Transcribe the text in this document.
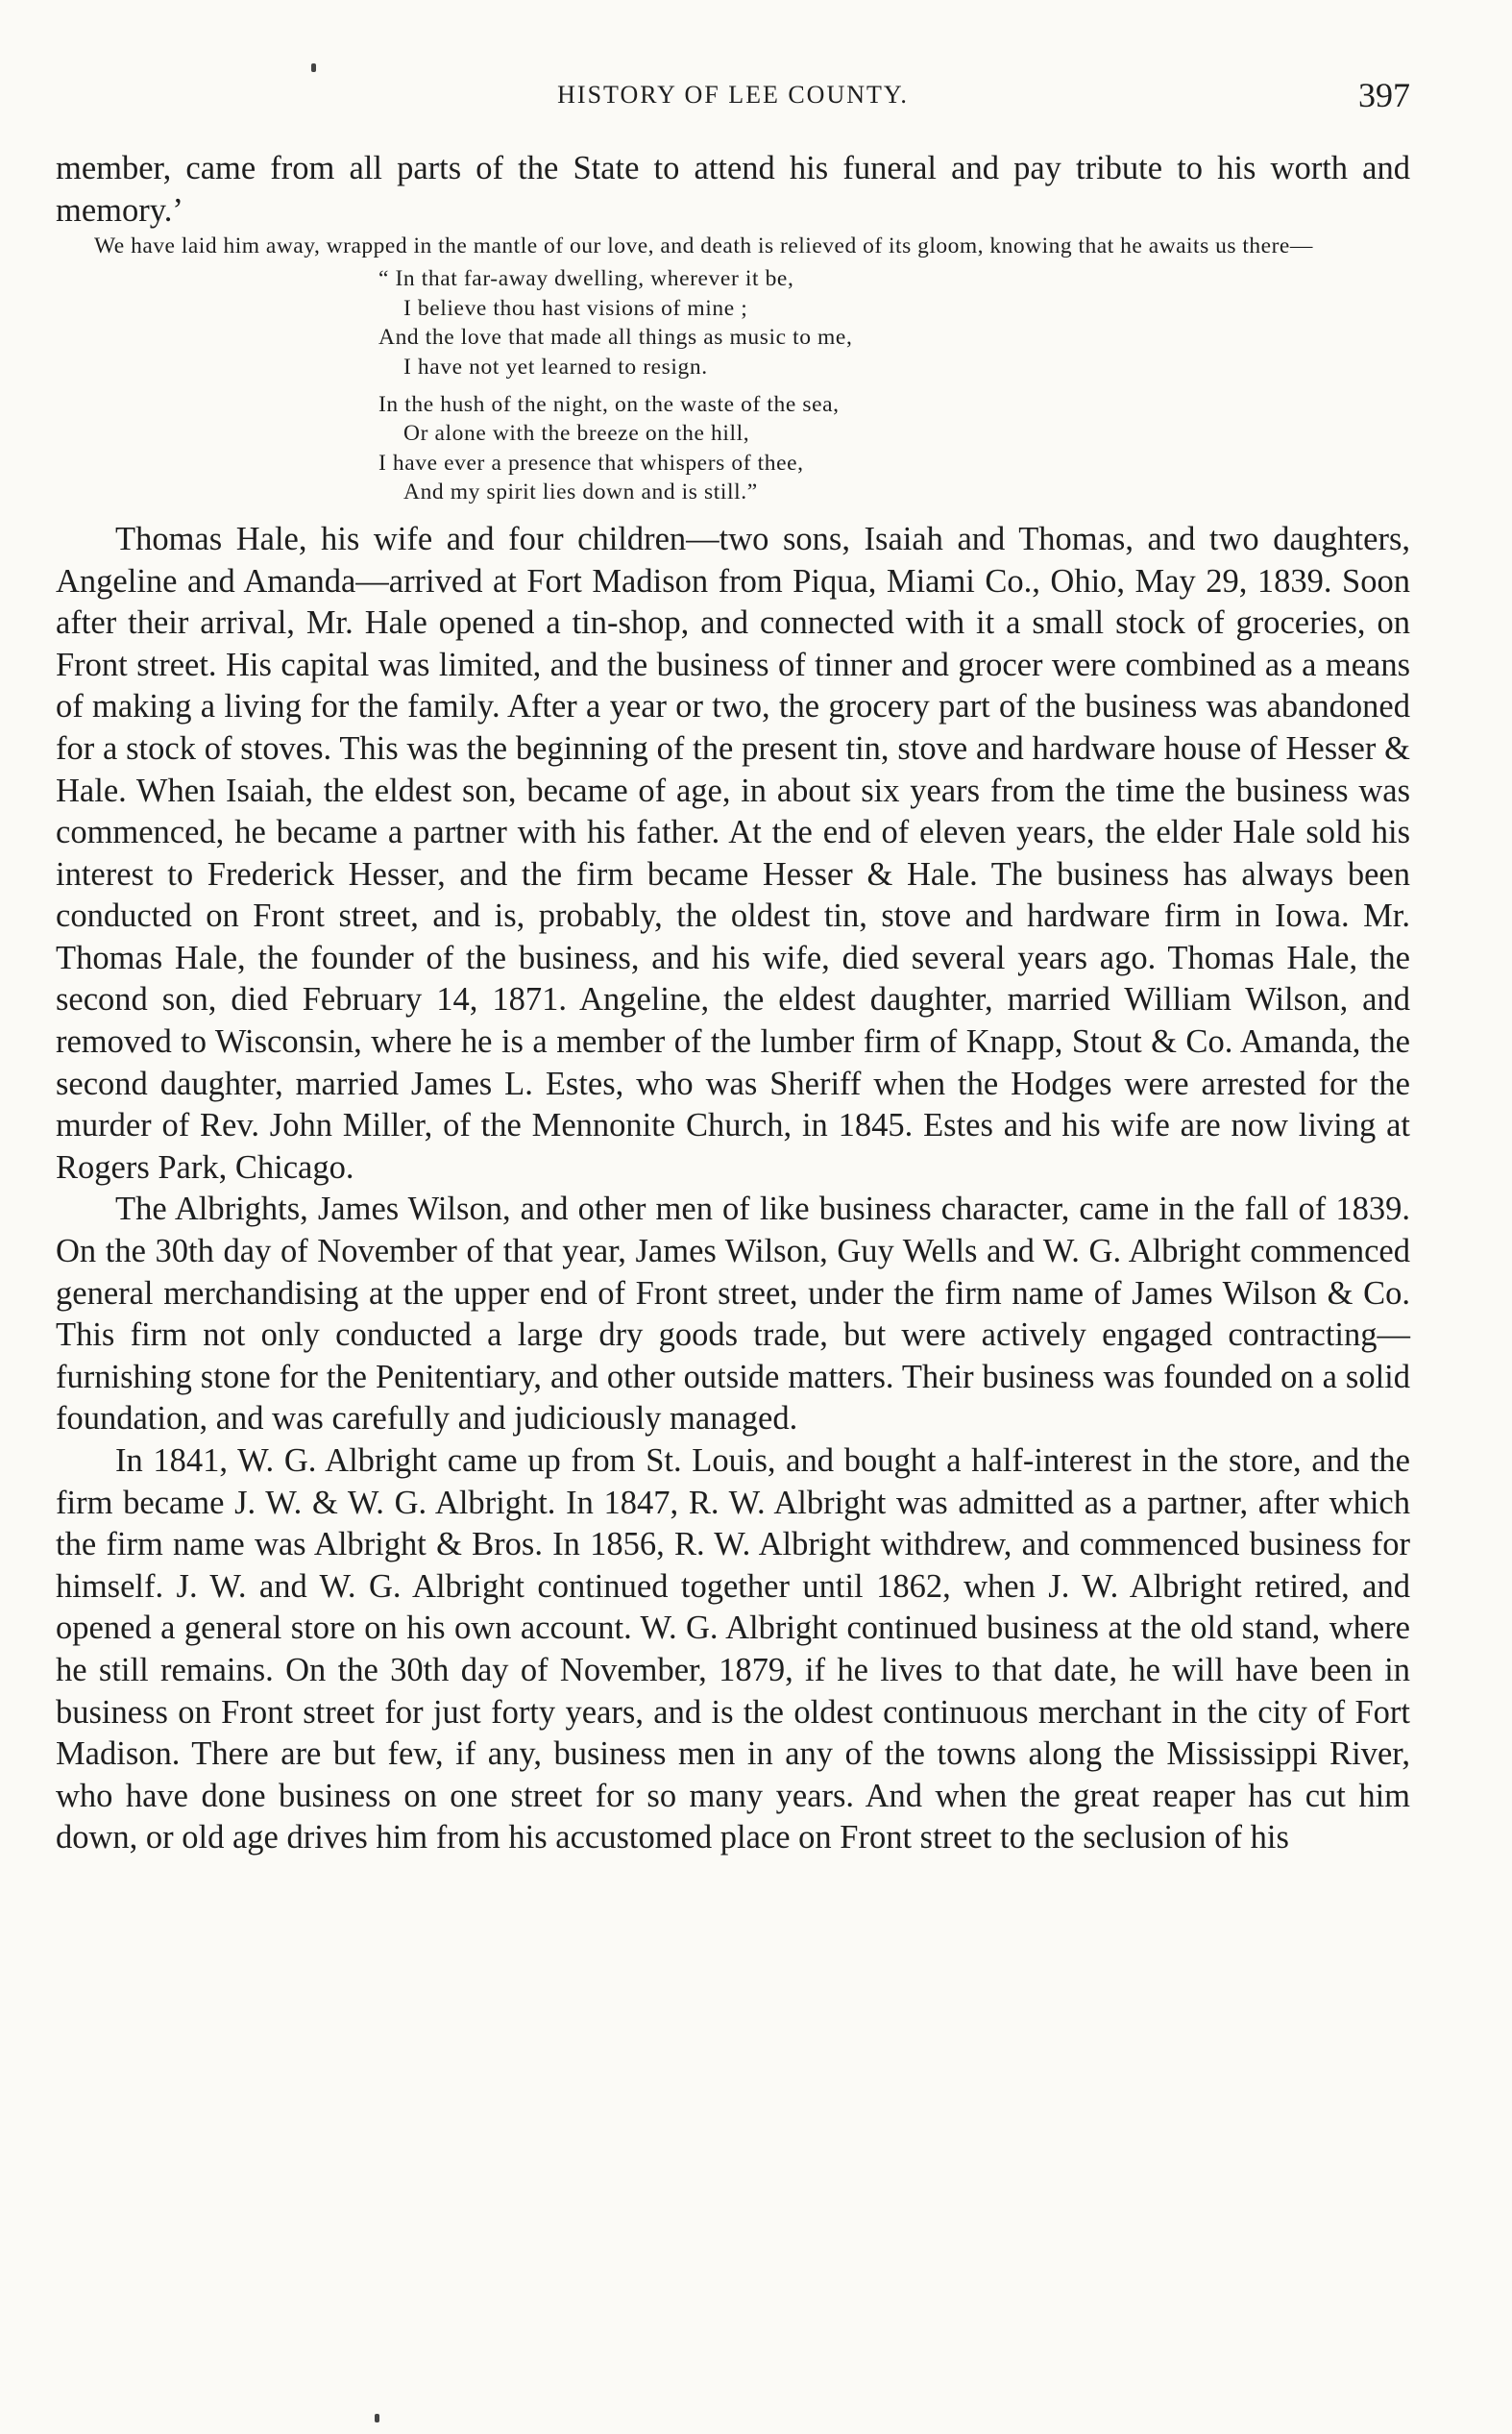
HISTORY OF LEE COUNTY.	397

member, came from all parts of the State to attend his funeral and pay tribute to his worth and memory.’

We have laid him away, wrapped in the mantle of our love, and death is relieved of its gloom, knowing that he awaits us there—

“ In that far-away dwelling, wherever it be,
I believe thou hast visions of mine ;
And the love that made all things as music to me,
I have not yet learned to resign.
In the hush of the night, on the waste of the sea,
Or alone with the breeze on the hill,
I have ever a presence that whispers of thee,
And my spirit lies down and is still.”

Thomas Hale, his wife and four children—two sons, Isaiah and Thomas, and two daughters, Angeline and Amanda—arrived at Fort Madison from Piqua, Miami Co., Ohio, May 29, 1839. Soon after their arrival, Mr. Hale opened a tin-shop, and connected with it a small stock of groceries, on Front street. His capital was limited, and the business of tinner and grocer were combined as a means of making a living for the family. After a year or two, the grocery part of the business was abandoned for a stock of stoves. This was the beginning of the present tin, stove and hardware house of Hesser & Hale. When Isaiah, the eldest son, became of age, in about six years from the time the business was commenced, he became a partner with his father. At the end of eleven years, the elder Hale sold his interest to Frederick Hesser, and the firm became Hesser & Hale. The business has always been conducted on Front street, and is, probably, the oldest tin, stove and hardware firm in Iowa. Mr. Thomas Hale, the founder of the business, and his wife, died several years ago. Thomas Hale, the second son, died February 14, 1871. Angeline, the eldest daughter, married William Wilson, and removed to Wisconsin, where he is a member of the lumber firm of Knapp, Stout & Co. Amanda, the second daughter, married James L. Estes, who was Sheriff when the Hodges were arrested for the murder of Rev. John Miller, of the Mennonite Church, in 1845. Estes and his wife are now living at Rogers Park, Chicago.

The Albrights, James Wilson, and other men of like business character, came in the fall of 1839. On the 30th day of November of that year, James Wilson, Guy Wells and W. G. Albright commenced general merchandising at the upper end of Front street, under the firm name of James Wilson & Co. This firm not only conducted a large dry goods trade, but were actively engaged contracting—furnishing stone for the Penitentiary, and other outside matters. Their business was founded on a solid foundation, and was carefully and judiciously managed.

In 1841, W. G. Albright came up from St. Louis, and bought a half-interest in the store, and the firm became J. W. & W. G. Albright. In 1847, R. W. Albright was admitted as a partner, after which the firm name was Albright & Bros. In 1856, R. W. Albright withdrew, and commenced business for himself. J. W. and W. G. Albright continued together until 1862, when J. W. Albright retired, and opened a general store on his own account. W. G. Albright continued business at the old stand, where he still remains. On the 30th day of November, 1879, if he lives to that date, he will have been in business on Front street for just forty years, and is the oldest continuous merchant in the city of Fort Madison. There are but few, if any, business men in any of the towns along the Mississippi River, who have done business on one street for so many years. And when the great reaper has cut him down, or old age drives him from his accustomed place on Front street to the seclusion of his
